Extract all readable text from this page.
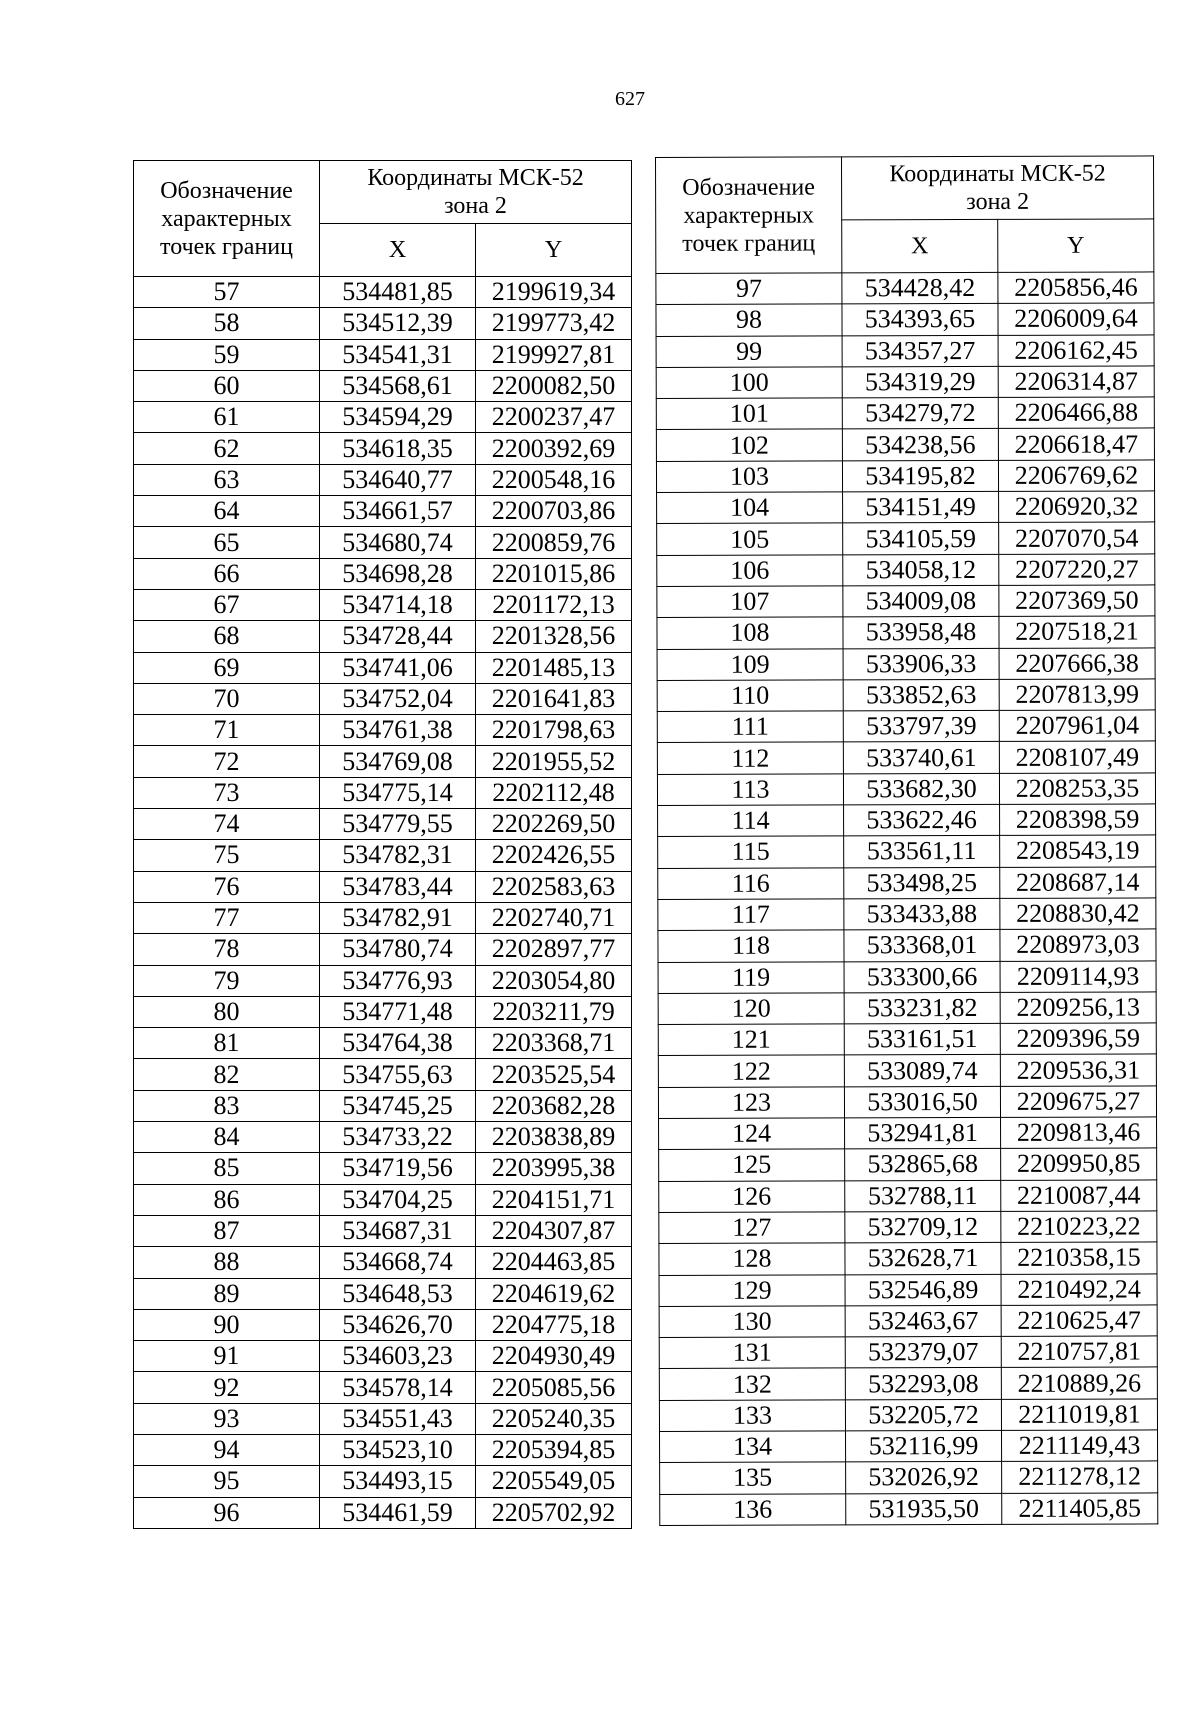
627
Обозначение характерных точек границ	Координаты МСК-52
зона 2	
	X	Y
57	534481,85	2199619,34
58	534512,39	2199773,42
59	534541,31	2199927,81
60	534568,61	2200082,50
61	534594,29	2200237,47
62	534618,35	2200392,69
63	534640,77	2200548,16
64	534661,57	2200703,86
65	534680,74	2200859,76
66	534698,28	2201015,86
67	534714,18	2201172,13
68	534728,44	2201328,56
69	534741,06	2201485,13
70	534752,04	2201641,83
71	534761,38	2201798,63
72	534769,08	2201955,52
73	534775,14	2202112,48
74	534779,55	2202269,50
75	534782,31	2202426,55
76	534783,44	2202583,63
77	534782,91	2202740,71
78	534780,74	2202897,77
79	534776,93	2203054,80
80	534771,48	2203211,79
81	534764,38	2203368,71
82	534755,63	2203525,54
83	534745,25	2203682,28
84	534733,22	2203838,89
85	534719,56	2203995,38
86	534704,25	2204151,71
87	534687,31	2204307,87
88	534668,74	2204463,85
89	534648,53	2204619,62
90	534626,70	2204775,18
91	534603,23	2204930,49
92	534578,14	2205085,56
93	534551,43	2205240,35
94	534523,10	2205394,85
95	534493,15	2205549,05
96	534461,59	2205702,92
Обозначение характерных точек границ	Координаты МСК-52
зона 2	
	X	Y
97	534428,42	2205856,46
98	534393,65	2206009,64
99	534357,27	2206162,45
100	534319,29	2206314,87
101	534279,72	2206466,88
102	534238,56	2206618,47
103	534195,82	2206769,62
104	534151,49	2206920,32
105	534105,59	2207070,54
106	534058,12	2207220,27
107	534009,08	2207369,50
108	533958,48	2207518,21
109	533906,33	2207666,38
110	533852,63	2207813,99
111	533797,39	2207961,04
112	533740,61	2208107,49
113	533682,30	2208253,35
114	533622,46	2208398,59
115	533561,11	2208543,19
116	533498,25	2208687,14
117	533433,88	2208830,42
118	533368,01	2208973,03
119	533300,66	2209114,93
120	533231,82	2209256,13
121	533161,51	2209396,59
122	533089,74	2209536,31
123	533016,50	2209675,27
124	532941,81	2209813,46
125	532865,68	2209950,85
126	532788,11	2210087,44
127	532709,12	2210223,22
128	532628,71	2210358,15
129	532546,89	2210492,24
130	532463,67	2210625,47
131	532379,07	2210757,81
132	532293,08	2210889,26
133	532205,72	2211019,81
134	532116,99	2211149,43
135	532026,92	2211278,12
136	531935,50	2211405,85
